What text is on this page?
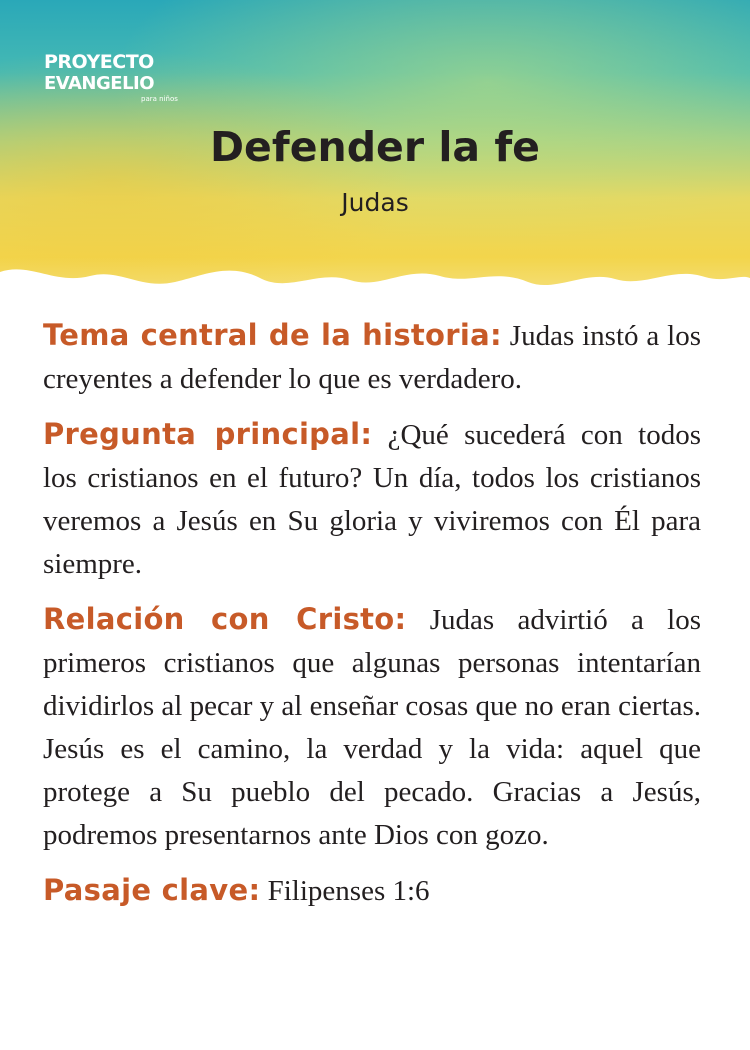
PROYECTO
EVANGELIO
para niños
Defender la fe
Judas

Tema central de la historia: Judas instó a los creyentes a defender lo que es verdadero.

Pregunta principal: ¿Qué sucederá con todos los cristianos en el futuro? Un día, todos los cristianos veremos a Jesús en Su gloria y viviremos con Él para siempre.

Relación con Cristo: Judas advirtió a los primeros cristianos que algunas personas intentarían dividirlos al pecar y al enseñar cosas que no eran ciertas. Jesús es el camino, la verdad y la vida: aquel que protege a Su pueblo del pecado. Gracias a Jesús, podremos presentarnos ante Dios con gozo.

Pasaje clave: Filipenses 1:6
